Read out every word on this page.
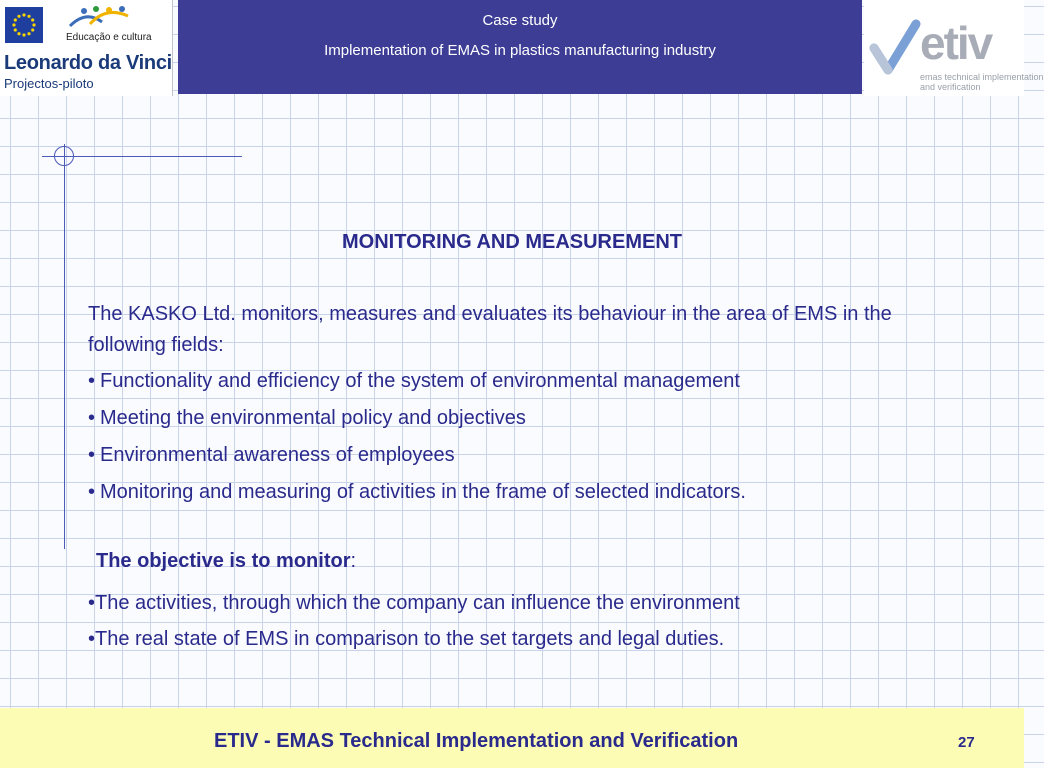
Educação e cultura
Leonardo da Vinci
Projectos-piloto
Case study
Implementation of EMAS in plastics manufacturing industry	etiv
emas technical implementation
and verification
MONITORING AND MEASUREMENT
The KASKO Ltd. monitors, measures and evaluates its behaviour in the area of EMS in the following fields:
• Functionality and efficiency of the system of environmental management
• Meeting the environmental policy and objectives
• Environmental awareness of employees
• Monitoring and measuring of activities in the frame of selected indicators.
The objective is to monitor:
•The activities, through which the company can influence the environment
•The real state of EMS in comparison to the set targets and legal duties.
ETIV - EMAS Technical Implementation and Verification	27
